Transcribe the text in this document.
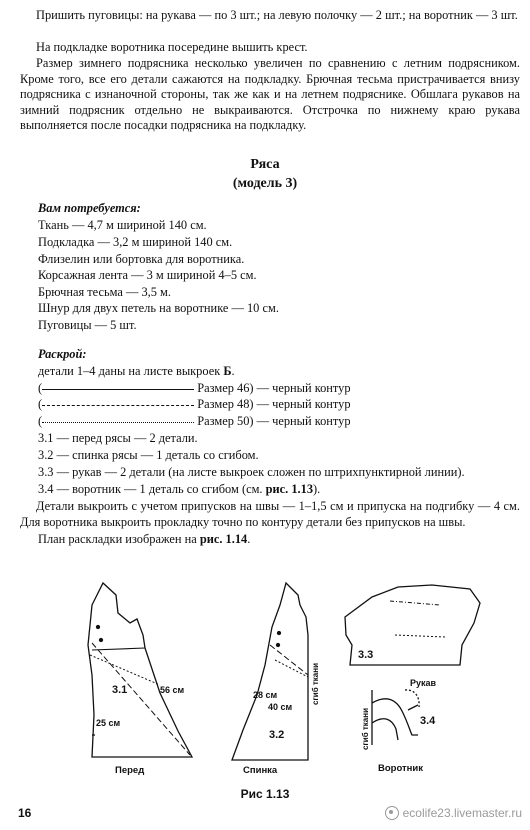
Пришить пуговицы: на рукава — по 3 шт.; на левую полочку — 2 шт.; на воротник — 3 шт.

На подкладке воротника посередине вышить крест.

Размер зимнего подрясника несколько увеличен по сравнению с летним подрясником. Кроме того, все его детали сажаются на подкладку. Брючная тесьма пристрачивается внизу подрясника с изнаночной стороны, так же как и на летнем подряснике. Обшлага рукавов на зимний подрясник отдельно не выкраиваются. Отстрочка по нижнему краю рукава выполняется после посадки подрясника на подкладку.

Ряса
(модель 3)
Вам потребуется:

Ткань — 4,7 м шириной 140 см.

Подкладка — 3,2 м шириной 140 см.

Флизелин или бортовка для воротника.

Корсажная лента — 3 м шириной 4–5 см.

Брючная тесьма — 3,5 м.

Шнур для двух петель на воротнике — 10 см.

Пуговицы — 5 шт.

Раскрой:

детали 1–4 даны на листе выкроек Б.

(	Размер 46) — черный контур

(	Размер 48) — черный контур

(	Размер 50) — черный контур

3.1 — перед рясы — 2 детали.

3.2 — спинка рясы — 1 деталь со сгибом.

3.3 — рукав — 2 детали (на листе выкроек сложен по штрихпунктирной линии).

3.4 — воротник — 1 деталь со сгибом (см. рис. 1.13).

Детали выкроить с учетом припусков на швы — 1–1,5 см и припуска на подгибку — 4 см. Для воротника выкроить прокладку точно по контуру детали без припусков на швы.

План раскладки изображен на рис. 1.14.

3.1	56 см
25 см
Перед
3.2
28 см
40 см
сгиб ткани
Спинка
3.3
Рукав
3.4
сгиб ткани
Воротник
Рис 1.13
16	ecolife23.livemaster.ru
